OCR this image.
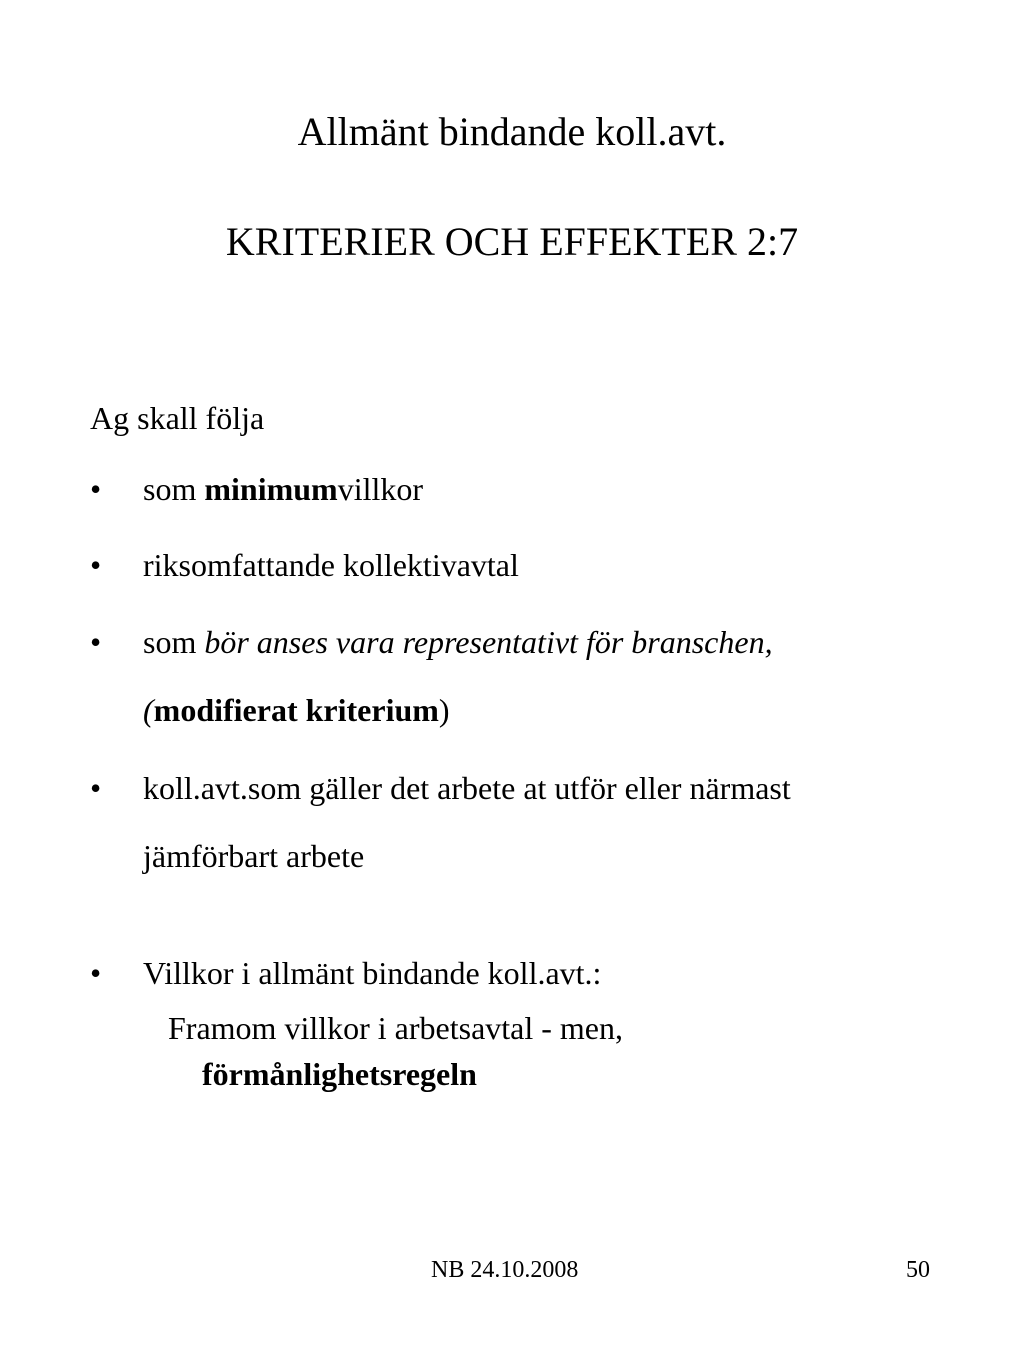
Allmänt bindande koll.avt.
KRITERIER OCH EFFEKTER 2:7
Ag skall följa
• som minimumvillkor
• riksomfattande kollektivavtal
• som bör anses vara representativt för branschen,
(modifierat kriterium)
• koll.avt.som gäller det arbete at utför eller närmast
jämförbart arbete
• Villkor i allmänt bindande koll.avt.:
Framom villkor i arbetsavtal - men,
förmånlighetsregeln
NB 24.10.2008	50
